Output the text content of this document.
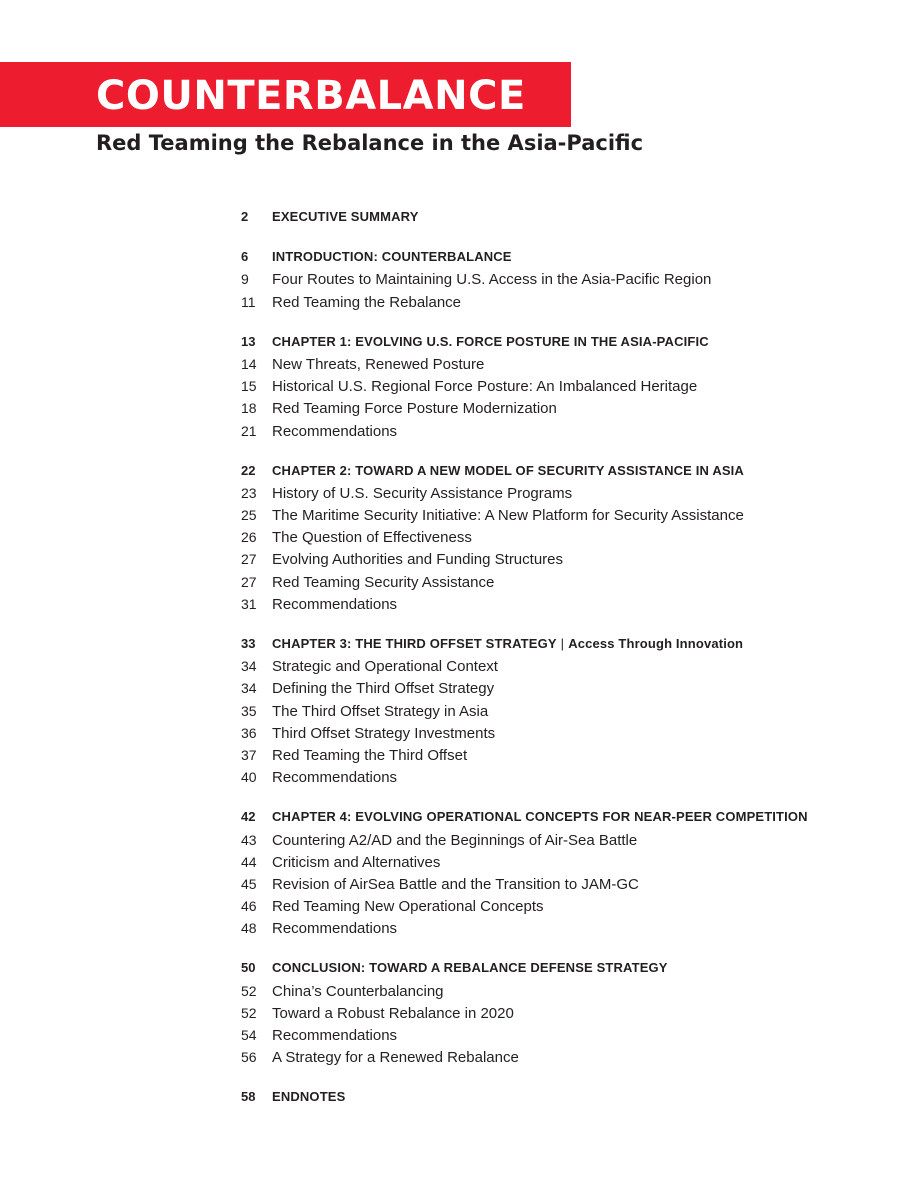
COUNTERBALANCE
Red Teaming the Rebalance in the Asia-Pacific
2	EXECUTIVE SUMMARY
6	INTRODUCTION: COUNTERBALANCE
9	Four Routes to Maintaining U.S. Access in the Asia-Pacific Region
11	Red Teaming the Rebalance
13	CHAPTER 1: EVOLVING U.S. FORCE POSTURE IN THE ASIA-PACIFIC
14	New Threats, Renewed Posture
15	Historical U.S. Regional Force Posture: An Imbalanced Heritage
18	Red Teaming Force Posture Modernization
21	Recommendations
22	CHAPTER 2: TOWARD A NEW MODEL OF SECURITY ASSISTANCE IN ASIA
23	History of U.S. Security Assistance Programs
25	The Maritime Security Initiative: A New Platform for Security Assistance
26	The Question of Effectiveness
27	Evolving Authorities and Funding Structures
27	Red Teaming Security Assistance
31	Recommendations
33	CHAPTER 3: THE THIRD OFFSET STRATEGY | Access Through Innovation
34	Strategic and Operational Context
34	Defining the Third Offset Strategy
35	The Third Offset Strategy in Asia
36	Third Offset Strategy Investments
37	Red Teaming the Third Offset
40	Recommendations
42	CHAPTER 4: EVOLVING OPERATIONAL CONCEPTS FOR NEAR-PEER COMPETITION
43	Countering A2/AD and the Beginnings of Air-Sea Battle
44	Criticism and Alternatives
45	Revision of AirSea Battle and the Transition to JAM-GC
46	Red Teaming New Operational Concepts
48	Recommendations
50	CONCLUSION: TOWARD A REBALANCE DEFENSE STRATEGY
52	China’s Counterbalancing
52	Toward a Robust Rebalance in 2020
54	Recommendations
56	A Strategy for a Renewed Rebalance
58	ENDNOTES
